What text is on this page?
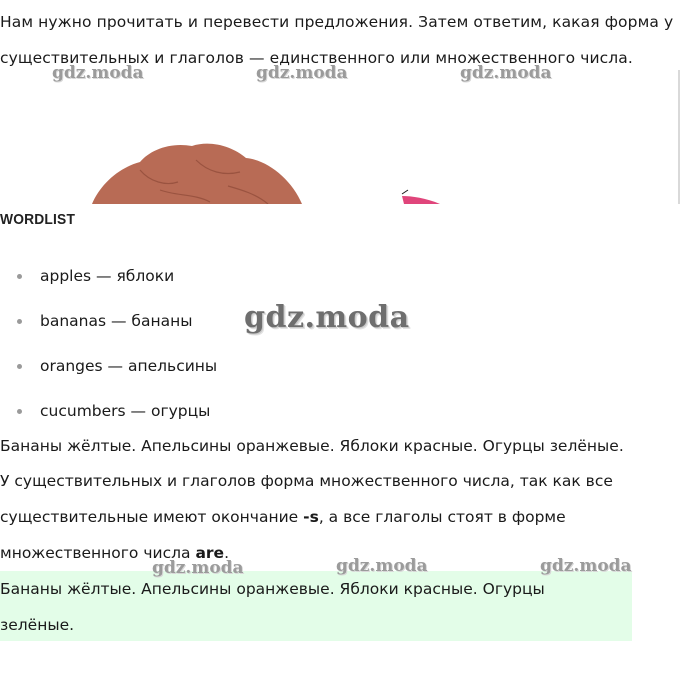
Нам нужно прочитать и перевести предложения. Затем ответим, какая форма у существительных и глаголов — единственного или множественного числа.
gdz.moda	gdz.moda	gdz.moda
WORDLIST
apples — яблоки
bananas — бананы
oranges — апельсины
cucumbers — огурцы
gdz.moda
Бананы жёлтые. Апельсины оранжевые. Яблоки красные. Огурцы зелёные.
У существительных и глаголов форма множественного числа, так как все существительные имеют окончание -s, а все глаголы стоят в форме множественного числа are.
Бананы жёлтые. Апельсины оранжевые. Яблоки красные. Огурцы зелёные.
gdz.moda	gdz.moda	gdz.moda
